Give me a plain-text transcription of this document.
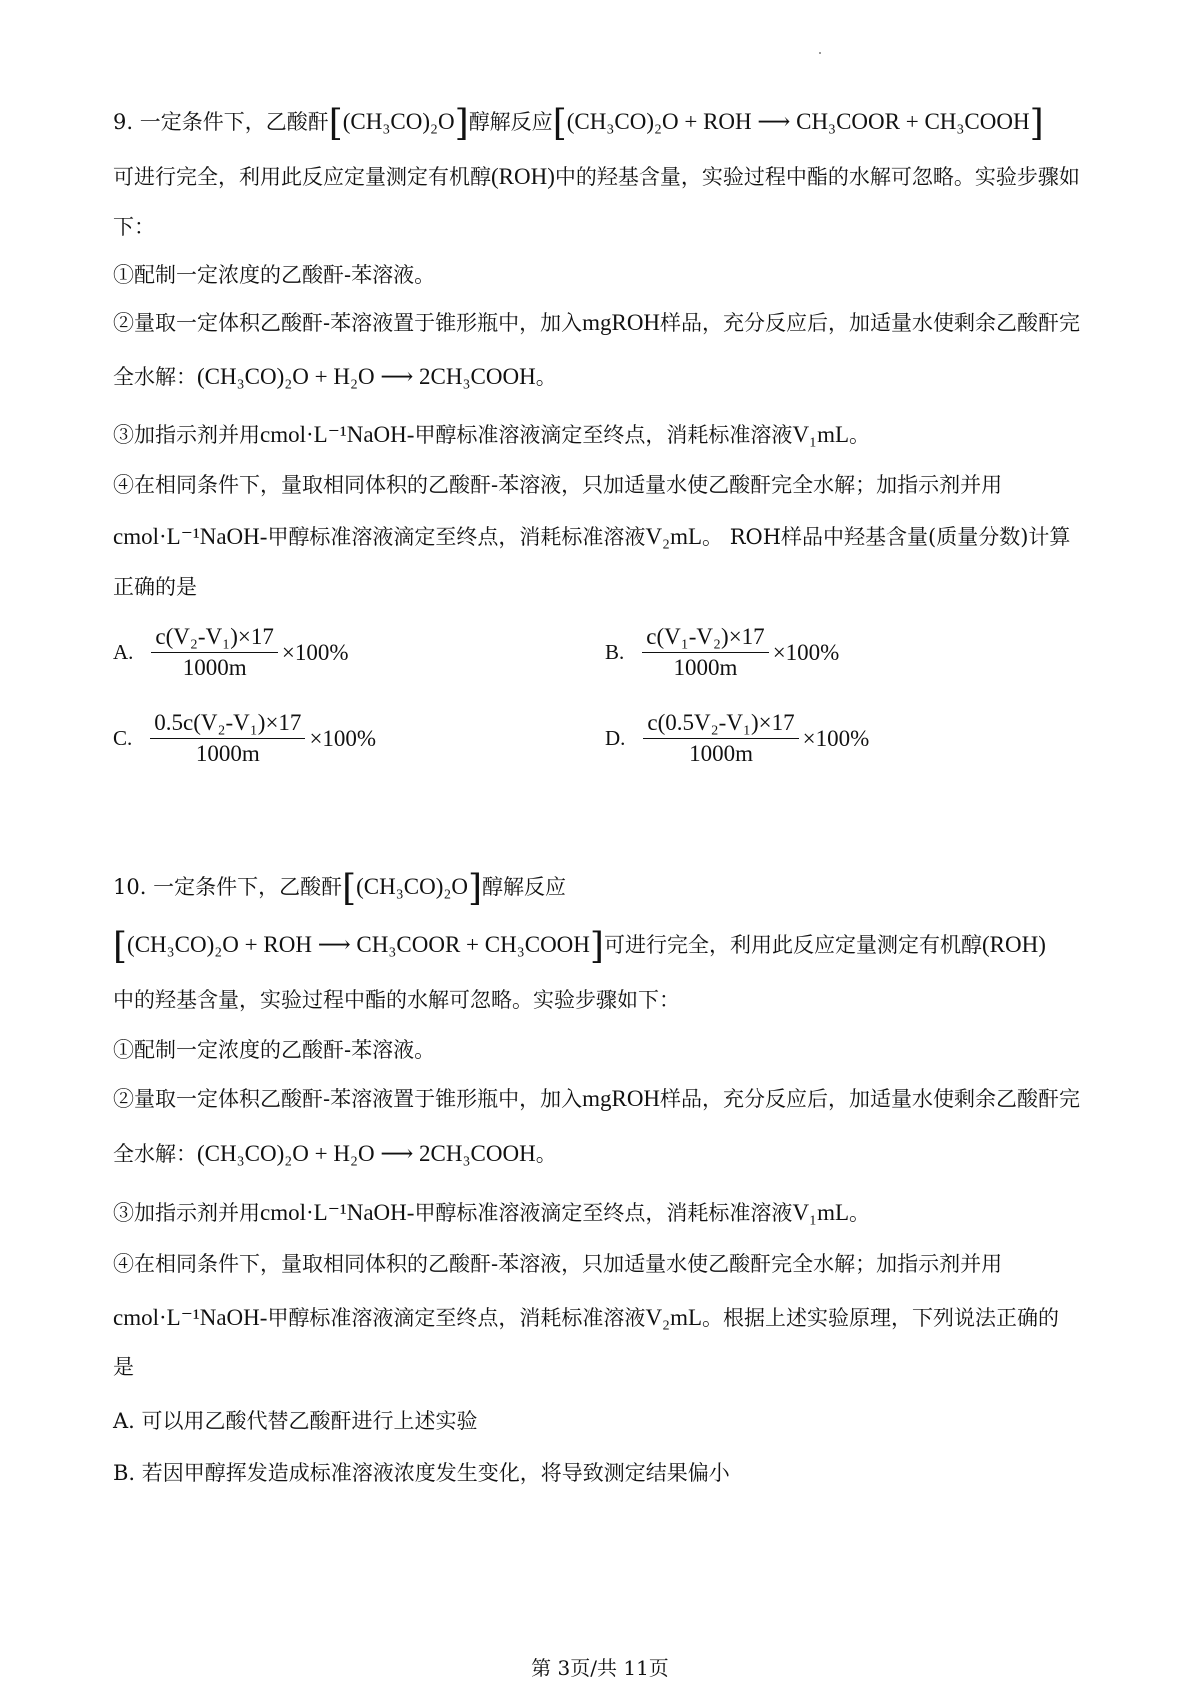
9. 一定条件下，乙酸酐[(CH₃CO)₂O]醇解反应[(CH₃CO)₂O + ROH ⟶ CH₃COOR + CH₃COOH]
可进行完全，利用此反应定量测定有机醇(ROH)中的羟基含量，实验过程中酯的水解可忽略。实验步骤如
下：
①配制一定浓度的乙酸酐-苯溶液。
②量取一定体积乙酸酐-苯溶液置于锥形瓶中，加入mgROH样品，充分反应后，加适量水使剩余乙酸酐完
全水解：(CH₃CO)₂O + H₂O ⟶ 2CH₃COOH。
③加指示剂并用cmol·L⁻¹NaOH-甲醇标准溶液滴定至终点，消耗标准溶液V₁mL。
④在相同条件下，量取相同体积的乙酸酐-苯溶液，只加适量水使乙酸酐完全水解；加指示剂并用
cmol·L⁻¹NaOH-甲醇标准溶液滴定至终点，消耗标准溶液V₂mL。 ROH样品中羟基含量(质量分数)计算
正确的是
A. $\frac{\text{c(V₂-V₁)×17}}{1000m} \times 100\%$	B. $\frac{\text{c(V₁-V₂)×17}}{1000m} \times 100\%$
C. $\frac{\text{0.5c(V₂-V₁)×17}}{1000m} \times 100\%$	D. $\frac{\text{c(0.5V₂-V₁)×17}}{1000m} \times 100\%$
10. 一定条件下，乙酸酐[(CH₃CO)₂O]醇解反应
[(CH₃CO)₂O + ROH ⟶ CH₃COOR + CH₃COOH]可进行完全，利用此反应定量测定有机醇(ROH)
中的羟基含量，实验过程中酯的水解可忽略。实验步骤如下：
①配制一定浓度的乙酸酐-苯溶液。
②量取一定体积乙酸酐-苯溶液置于锥形瓶中，加入mgROH样品，充分反应后，加适量水使剩余乙酸酐完
全水解：(CH₃CO)₂O + H₂O ⟶ 2CH₃COOH。
③加指示剂并用cmol·L⁻¹NaOH-甲醇标准溶液滴定至终点，消耗标准溶液V₁mL。
④在相同条件下，量取相同体积的乙酸酐-苯溶液，只加适量水使乙酸酐完全水解；加指示剂并用
cmol·L⁻¹NaOH-甲醇标准溶液滴定至终点，消耗标准溶液V₂mL。根据上述实验原理，下列说法正确的
是
A. 可以用乙酸代替乙酸酐进行上述实验
B. 若因甲醇挥发造成标准溶液浓度发生变化，将导致测定结果偏小
第 3页/共 11页
